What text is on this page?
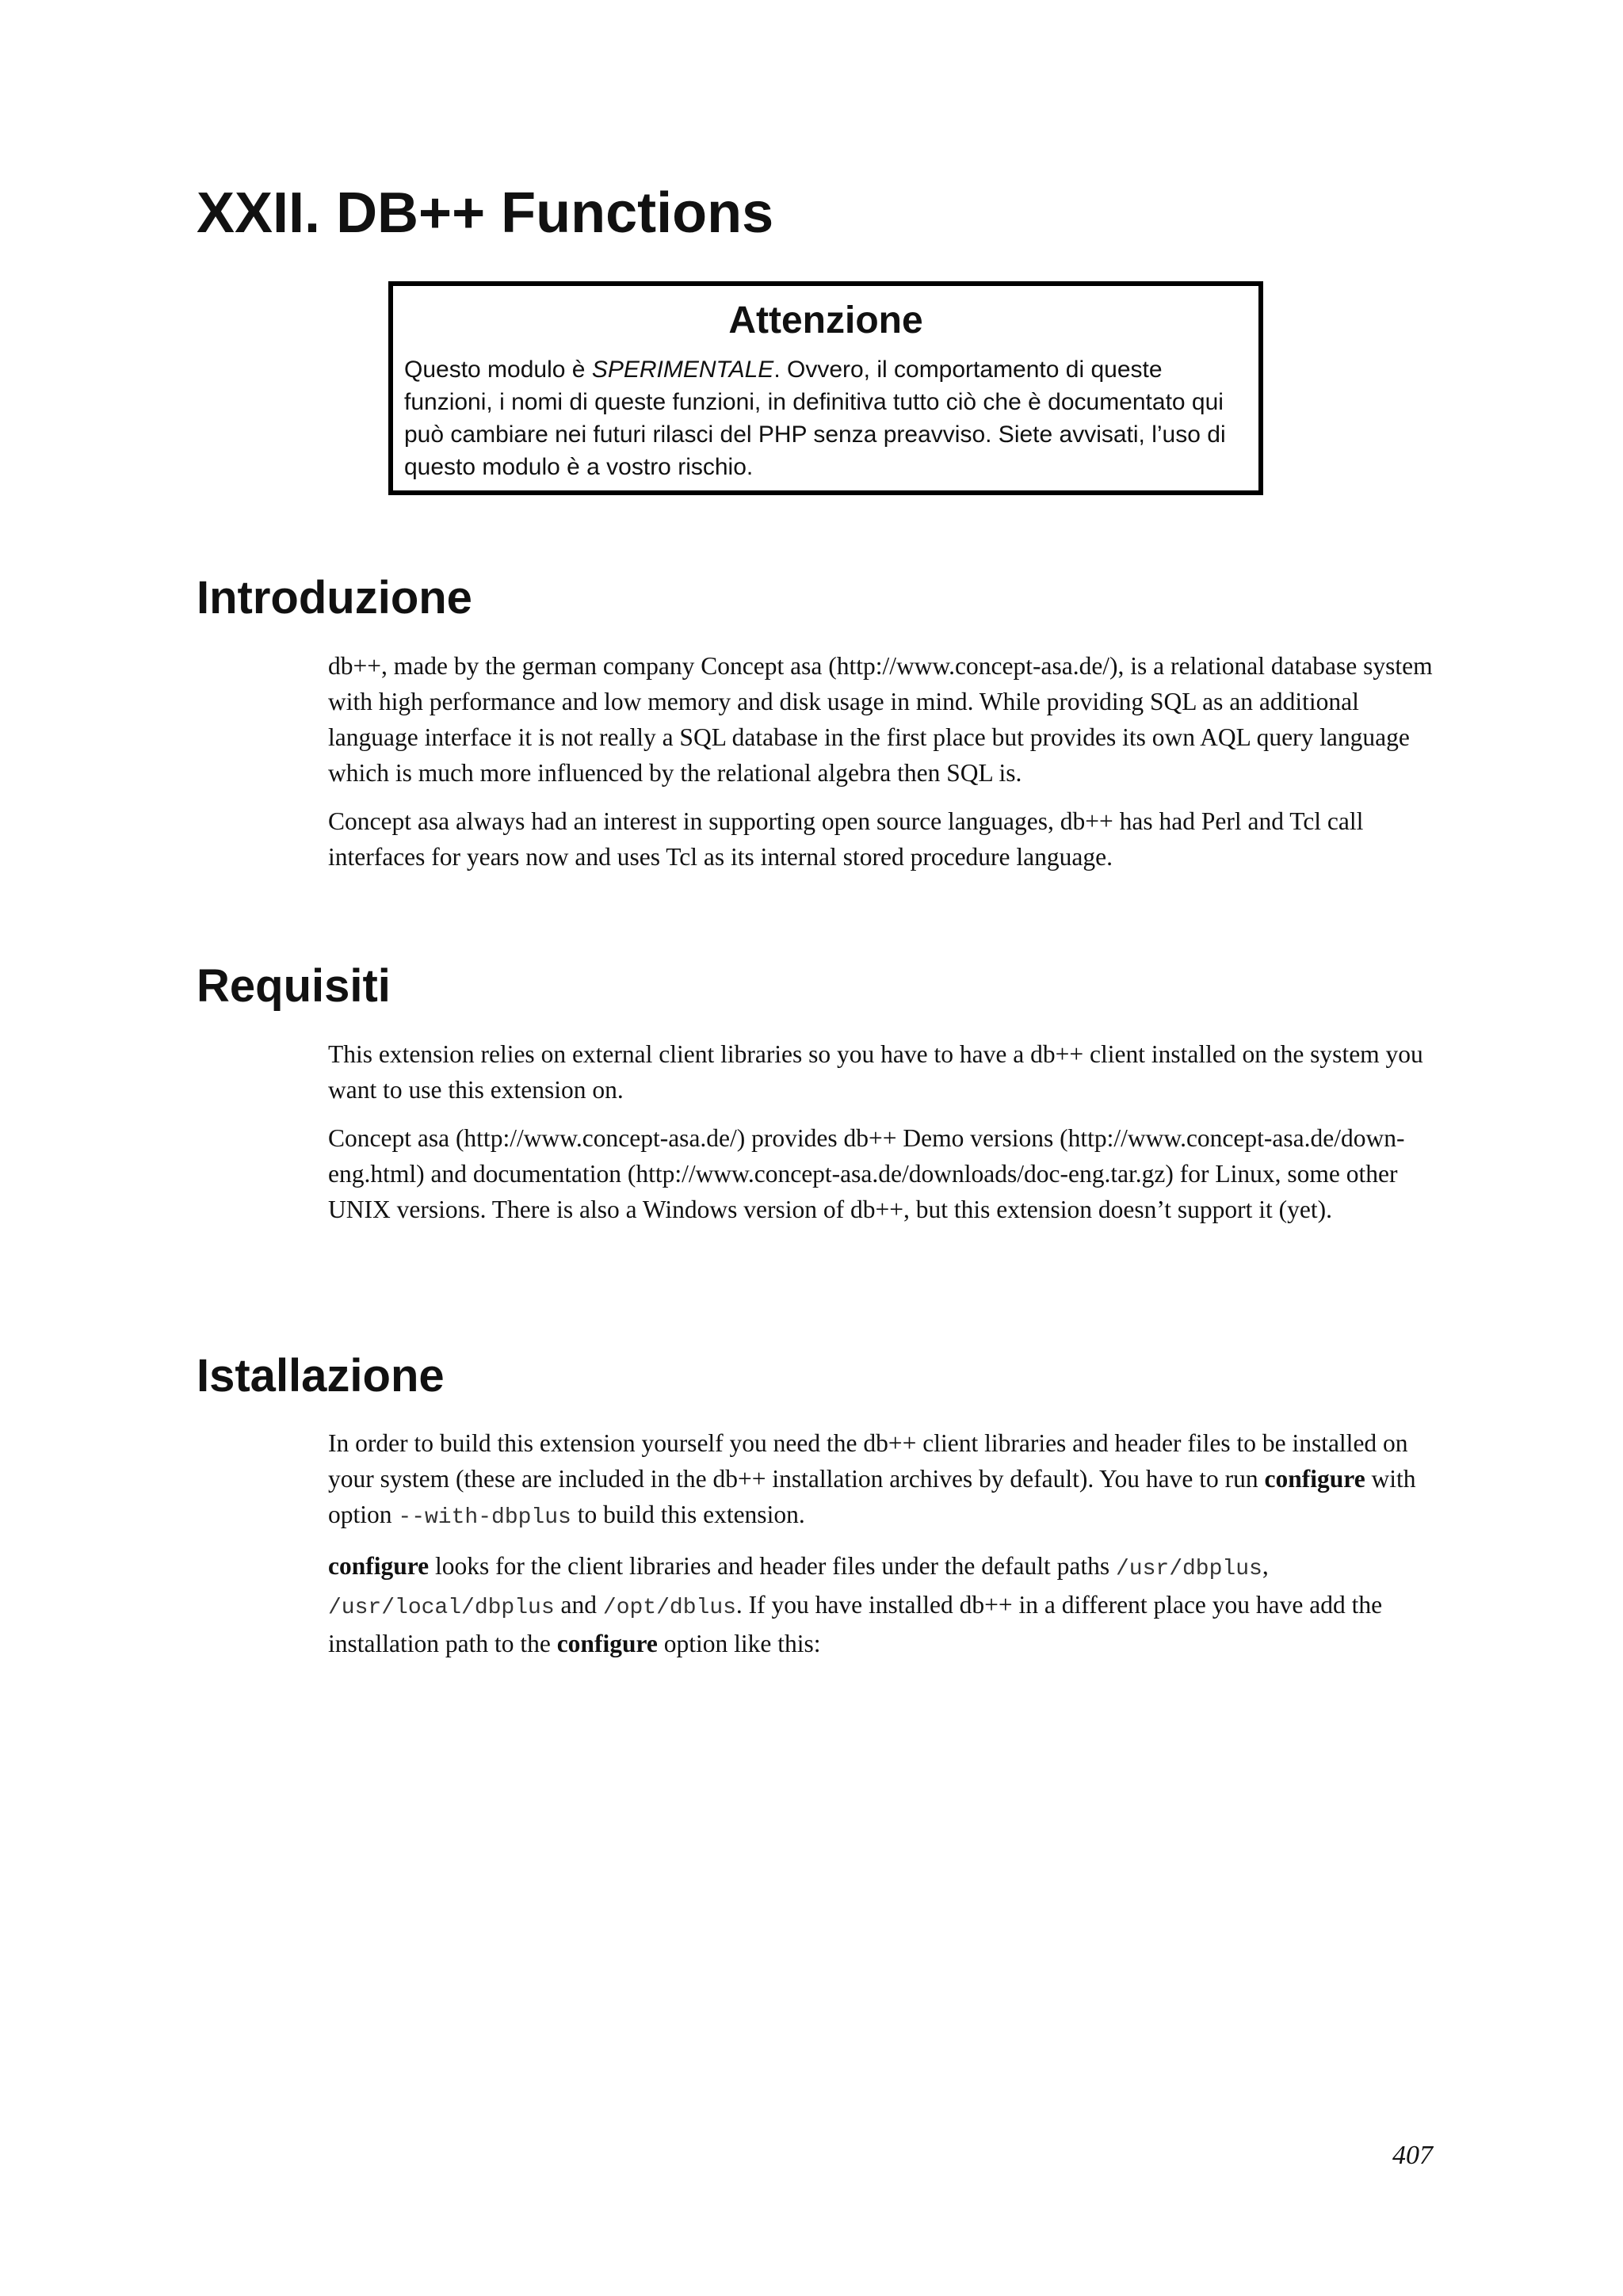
XXII. DB++ Functions
Attenzione

Questo modulo è SPERIMENTALE. Ovvero, il comportamento di queste funzioni, i nomi di queste funzioni, in definitiva tutto ciò che è documentato qui può cambiare nei futuri rilasci del PHP senza preavviso. Siete avvisati, l’uso di questo modulo è a vostro rischio.

Introduzione

db++, made by the german company Concept asa (http://www.concept-asa.de/), is a relational database system with high performance and low memory and disk usage in mind. While providing SQL as an additional language interface it is not really a SQL database in the first place but provides its own AQL query language which is much more influenced by the relational algebra then SQL is.

Concept asa always had an interest in supporting open source languages, db++ has had Perl and Tcl call interfaces for years now and uses Tcl as its internal stored procedure language.

Requisiti

This extension relies on external client libraries so you have to have a db++ client installed on the system you want to use this extension on.

Concept asa (http://www.concept-asa.de/) provides db++ Demo versions (http://www.concept-asa.de/down-eng.html) and documentation (http://www.concept-asa.de/downloads/doc-eng.tar.gz) for Linux, some other UNIX versions. There is also a Windows version of db++, but this extension doesn’t support it (yet).

Istallazione

In order to build this extension yourself you need the db++ client libraries and header files to be installed on your system (these are included in the db++ installation archives by default). You have to run configure with option --with-dbplus to build this extension.

configure looks for the client libraries and header files under the default paths /usr/dbplus, /usr/local/dbplus and /opt/dblus. If you have installed db++ in a different place you have add the installation path to the configure option like this:

407
